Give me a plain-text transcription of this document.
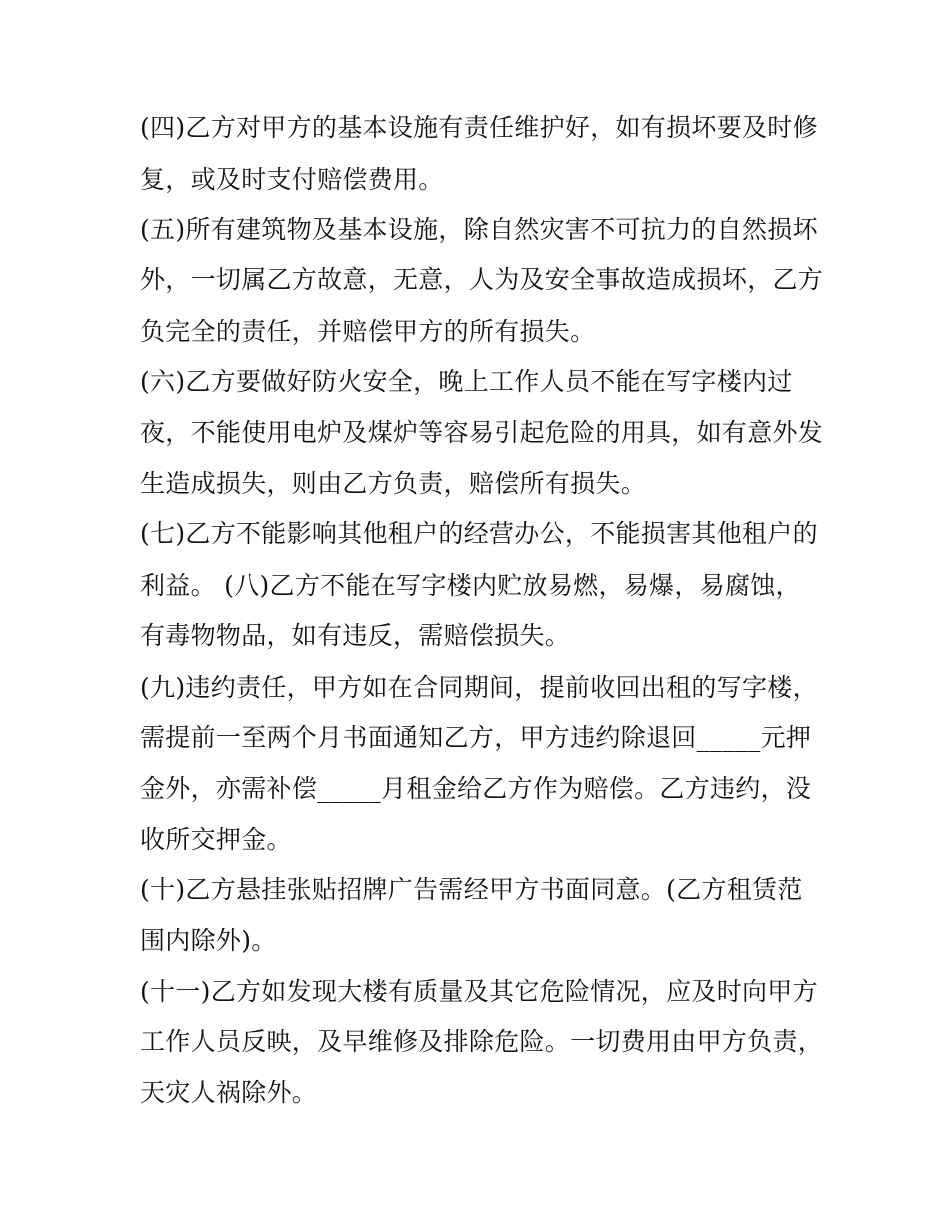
(四)乙方对甲方的基本设施有责任维护好，如有损坏要及时修
复，或及时支付赔偿费用。
(五)所有建筑物及基本设施，除自然灾害不可抗力的自然损坏
外，一切属乙方故意，无意，人为及安全事故造成损坏，乙方
负完全的责任，并赔偿甲方的所有损失。
(六)乙方要做好防火安全，晚上工作人员不能在写字楼内过
夜，不能使用电炉及煤炉等容易引起危险的用具，如有意外发
生造成损失，则由乙方负责，赔偿所有损失。
(七)乙方不能影响其他租户的经营办公，不能损害其他租户的
利益。 (八)乙方不能在写字楼内贮放易燃，易爆，易腐蚀，
有毒物物品，如有违反，需赔偿损失。
(九)违约责任，甲方如在合同期间，提前收回出租的写字楼，
需提前一至两个月书面通知乙方，甲方违约除退回_____元押
金外，亦需补偿_____月租金给乙方作为赔偿。乙方违约，没
收所交押金。
(十)乙方悬挂张贴招牌广告需经甲方书面同意。(乙方租赁范
围内除外)。
(十一)乙方如发现大楼有质量及其它危险情况，应及时向甲方
工作人员反映，及早维修及排除危险。一切费用由甲方负责，
天灾人祸除外。
